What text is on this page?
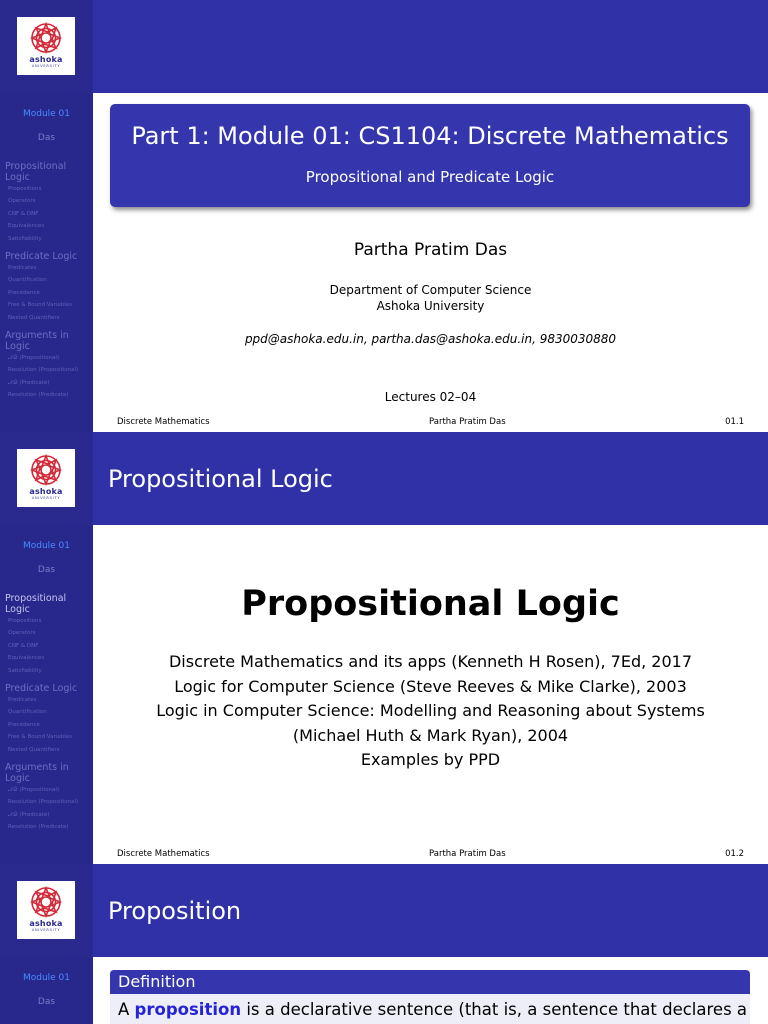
ashoka
UNIVERSITY
Module 01
Das
Propositional Logic
Propositions
Operators
CNF & DNF
Equivalences
Satisfiability
Predicate Logic
Predicates
Quantification
Precedence
Free & Bound Variables
Nested Quantifiers
Arguments in Logic
𝒩𝒟 (Propositional)
Resolution (Propositional)
𝒩𝒟 (Predicate)
Resolution (Predicate)
Part 1: Module 01: CS1104: Discrete Mathematics
Propositional and Predicate Logic
Partha Pratim Das
Department of Computer Science
Ashoka University
ppd@ashoka.edu.in, partha.das@ashoka.edu.in, 9830030880
Lectures 02–04
Discrete Mathematics	Partha Pratim Das	01.1
ashoka
UNIVERSITY
Propositional Logic
Module 01
Das
Propositional Logic
Propositions
Operators
CNF & DNF
Equivalences
Satisfiability
Predicate Logic
Predicates
Quantification
Precedence
Free & Bound Variables
Nested Quantifiers
Arguments in Logic
𝒩𝒟 (Propositional)
Resolution (Propositional)
𝒩𝒟 (Predicate)
Resolution (Predicate)
Propositional Logic
Discrete Mathematics and its apps (Kenneth H Rosen), 7Ed, 2017
Logic for Computer Science (Steve Reeves & Mike Clarke), 2003
Logic in Computer Science: Modelling and Reasoning about Systems
(Michael Huth & Mark Ryan), 2004
Examples by PPD
Discrete Mathematics	Partha Pratim Das	01.2
ashoka
UNIVERSITY
Proposition
Module 01
Das
Definition
A proposition is a declarative sentence (that is, a sentence that declares a
